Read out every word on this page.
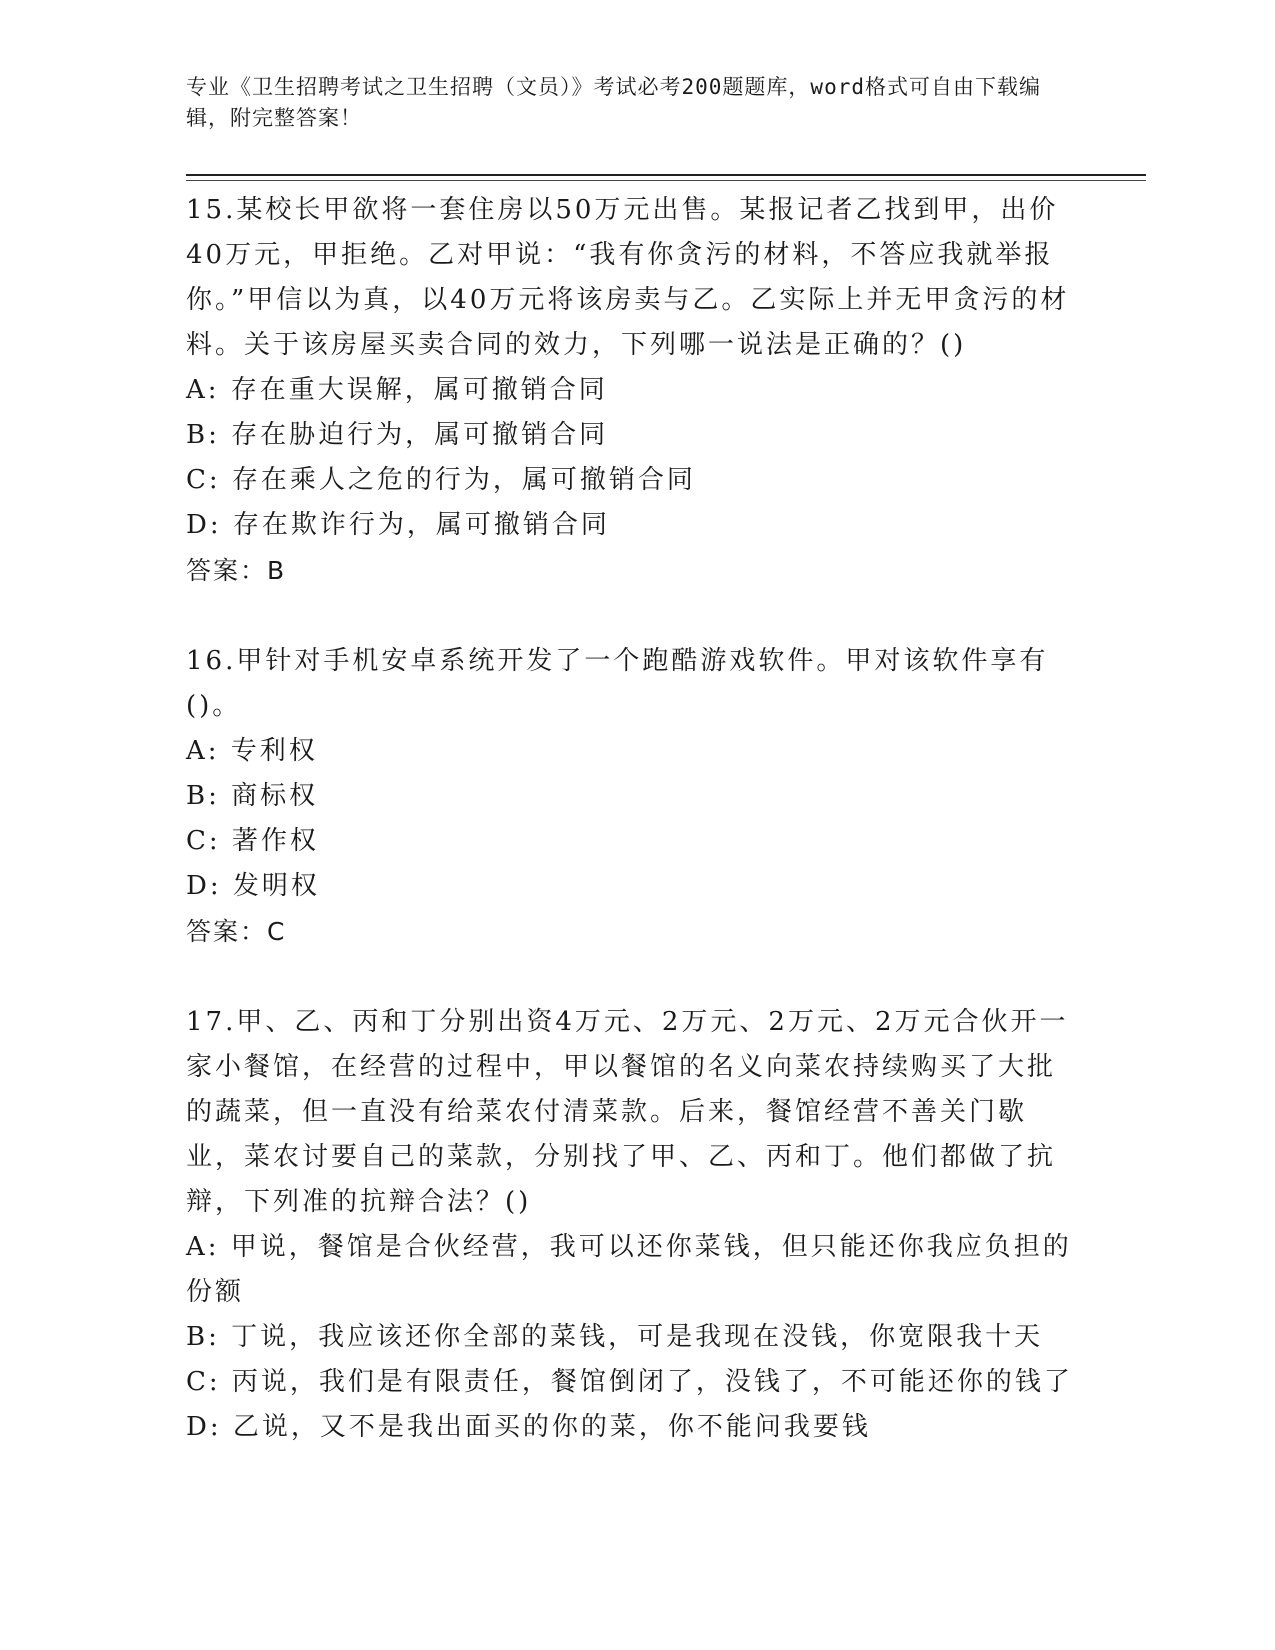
专业《卫生招聘考试之卫生招聘（文员）》考试必考200题题库，word格式可自由下载编辑，附完整答案！
15.某校长甲欲将一套住房以50万元出售。某报记者乙找到甲，出价40万元，甲拒绝。乙对甲说：“我有你贪污的材料，不答应我就举报你。”甲信以为真，以40万元将该房卖与乙。乙实际上并无甲贪污的材料。关于该房屋买卖合同的效力，下列哪一说法是正确的？()
A: 存在重大误解，属可撤销合同
B: 存在胁迫行为，属可撤销合同
C: 存在乘人之危的行为，属可撤销合同
D: 存在欺诈行为，属可撤销合同
答案：B
16.甲针对手机安卓系统开发了一个跑酷游戏软件。甲对该软件享有()。
A: 专利权
B: 商标权
C: 著作权
D: 发明权
答案：C
17.甲、乙、丙和丁分别出资4万元、2万元、2万元、2万元合伙开一家小餐馆，在经营的过程中，甲以餐馆的名义向菜农持续购买了大批的蔬菜，但一直没有给菜农付清菜款。后来，餐馆经营不善关门歇业，菜农讨要自己的菜款，分别找了甲、乙、丙和丁。他们都做了抗辩，下列准的抗辩合法？()
A: 甲说，餐馆是合伙经营，我可以还你菜钱，但只能还你我应负担的份额
B: 丁说，我应该还你全部的菜钱，可是我现在没钱，你宽限我十天
C: 丙说，我们是有限责任，餐馆倒闭了，没钱了，不可能还你的钱了
D: 乙说，又不是我出面买的你的菜，你不能问我要钱
